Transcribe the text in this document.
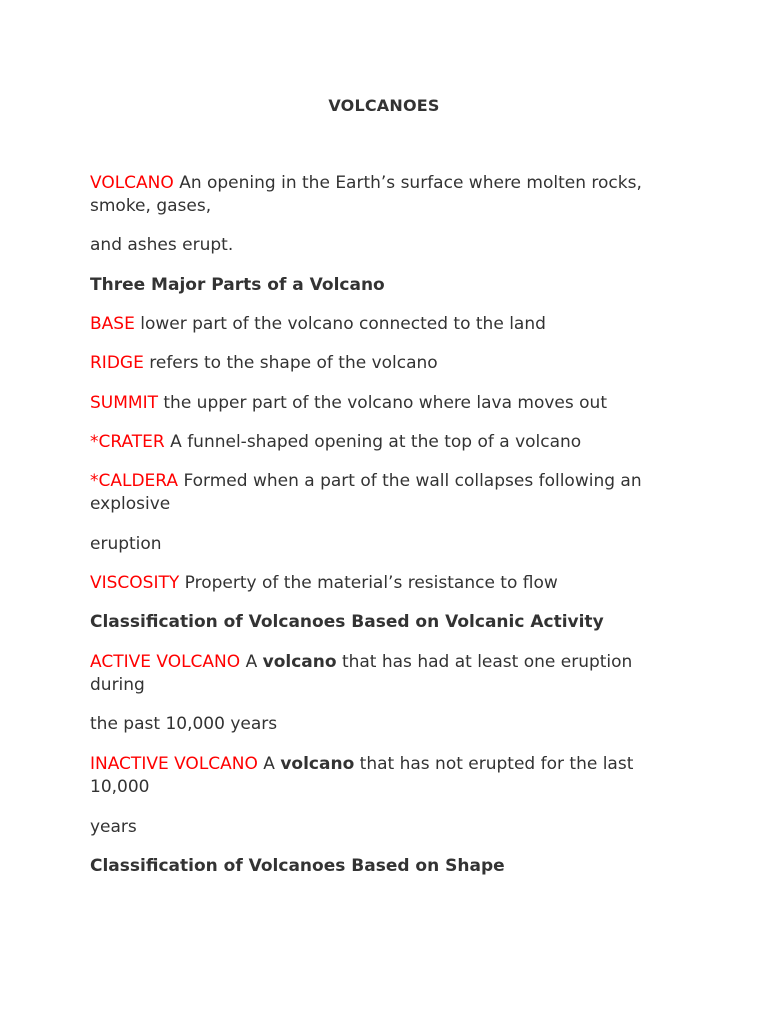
VOLCANOES

VOLCANO An opening in the Earth’s surface where molten rocks, smoke, gases,

and ashes erupt.

Three Major Parts of a Volcano

BASE lower part of the volcano connected to the land

RIDGE refers to the shape of the volcano

SUMMIT the upper part of the volcano where lava moves out

*CRATER A funnel-shaped opening at the top of a volcano

*CALDERA Formed when a part of the wall collapses following an explosive

eruption

VISCOSITY Property of the material’s resistance to flow

Classification of Volcanoes Based on Volcanic Activity

ACTIVE VOLCANO A volcano that has had at least one eruption during

the past 10,000 years

INACTIVE VOLCANO A volcano that has not erupted for the last 10,000

years

Classification of Volcanoes Based on Shape
